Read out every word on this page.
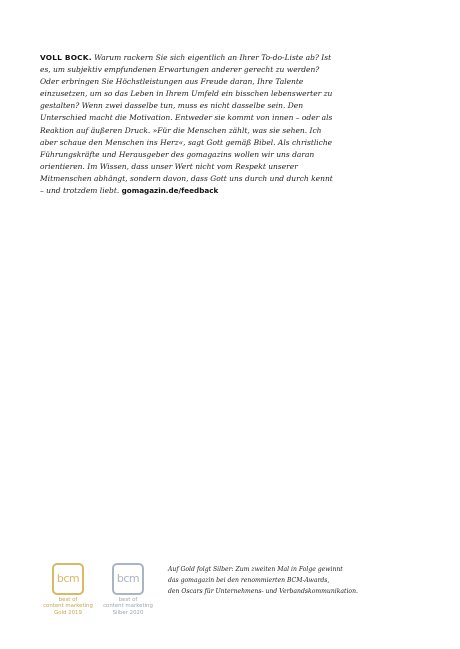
VOLL BOCK. Warum rackern Sie sich eigentlich an Ihrer To-do-Liste ab? Ist es, um subjektiv empfundenen Erwartungen anderer gerecht zu werden? Oder erbringen Sie Höchstleistungen aus Freude daran, Ihre Talente einzusetzen, um so das Leben in Ihrem Umfeld ein bisschen lebenswerter zu gestalten? Wenn zwei dasselbe tun, muss es nicht dasselbe sein. Den Unterschied macht die Motivation. Entweder sie kommt von innen – oder als Reaktion auf äußeren Druck. »Für die Menschen zählt, was sie sehen. Ich aber schaue den Menschen ins Herz«, sagt Gott gemäß Bibel. Als christliche Führungskräfte und Herausgeber des gomagazins wollen wir uns daran orientieren. Im Wissen, dass unser Wert nicht vom Respekt unserer Mitmenschen abhängt, sondern davon, dass Gott uns durch und durch kennt – und trotzdem liebt. gomagazin.de/feedback

bcm
best of
content marketing
Gold 2019
bcm
best of
content marketing
Silber 2020

Auf Gold folgt Silber: Zum zweiten Mal in Folge gewinnt
das gomagazin bei den renommierten BCM-Awards,
den Oscars für Unternehmens- und Verbandskommunikation.
